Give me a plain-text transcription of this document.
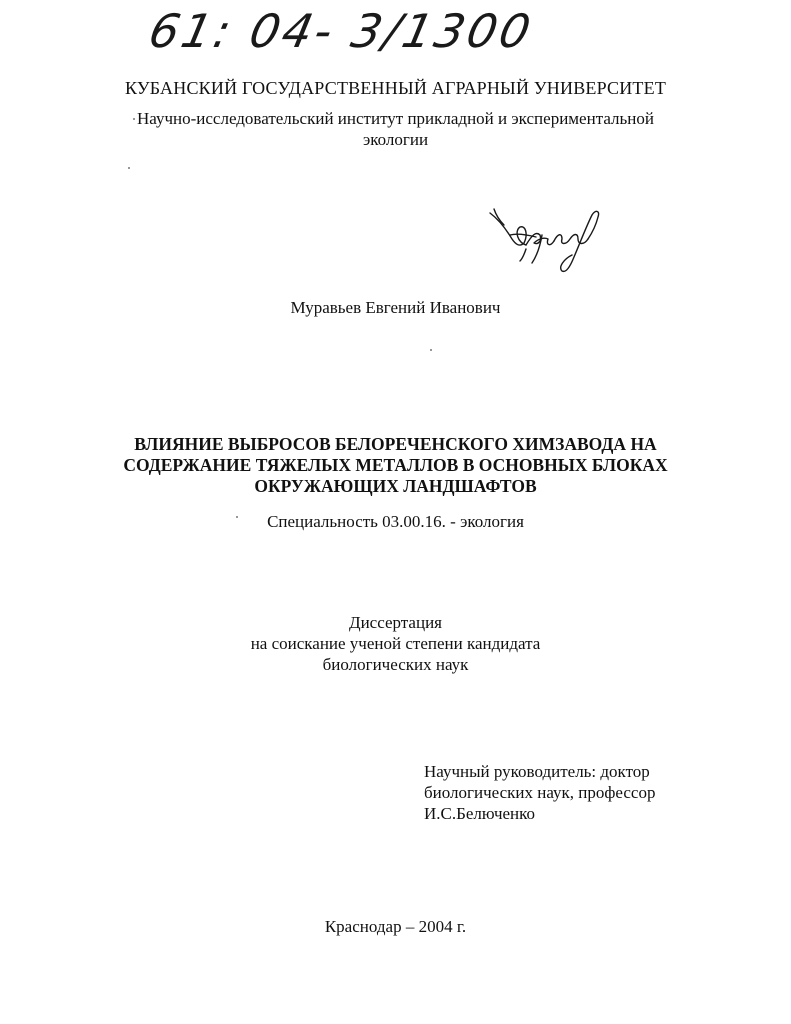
61: 04- 3/1300
КУБАНСКИЙ ГОСУДАРСТВЕННЫЙ АГРАРНЫЙ УНИВЕРСИТЕТ
Научно-исследовательский институт прикладной и экспериментальной
экологии
Муравьев Евгений Иванович
ВЛИЯНИЕ ВЫБРОСОВ БЕЛОРЕЧЕНСКОГО ХИМЗАВОДА НА
СОДЕРЖАНИЕ ТЯЖЕЛЫХ МЕТАЛЛОВ В ОСНОВНЫХ БЛОКАХ
ОКРУЖАЮЩИХ ЛАНДШАФТОВ
Специальность 03.00.16. - экология
Диссертация
на соискание ученой степени кандидата
биологических наук
Научный руководитель: доктор
биологических наук, профессор
И.С.Белюченко
Краснодар – 2004 г.
